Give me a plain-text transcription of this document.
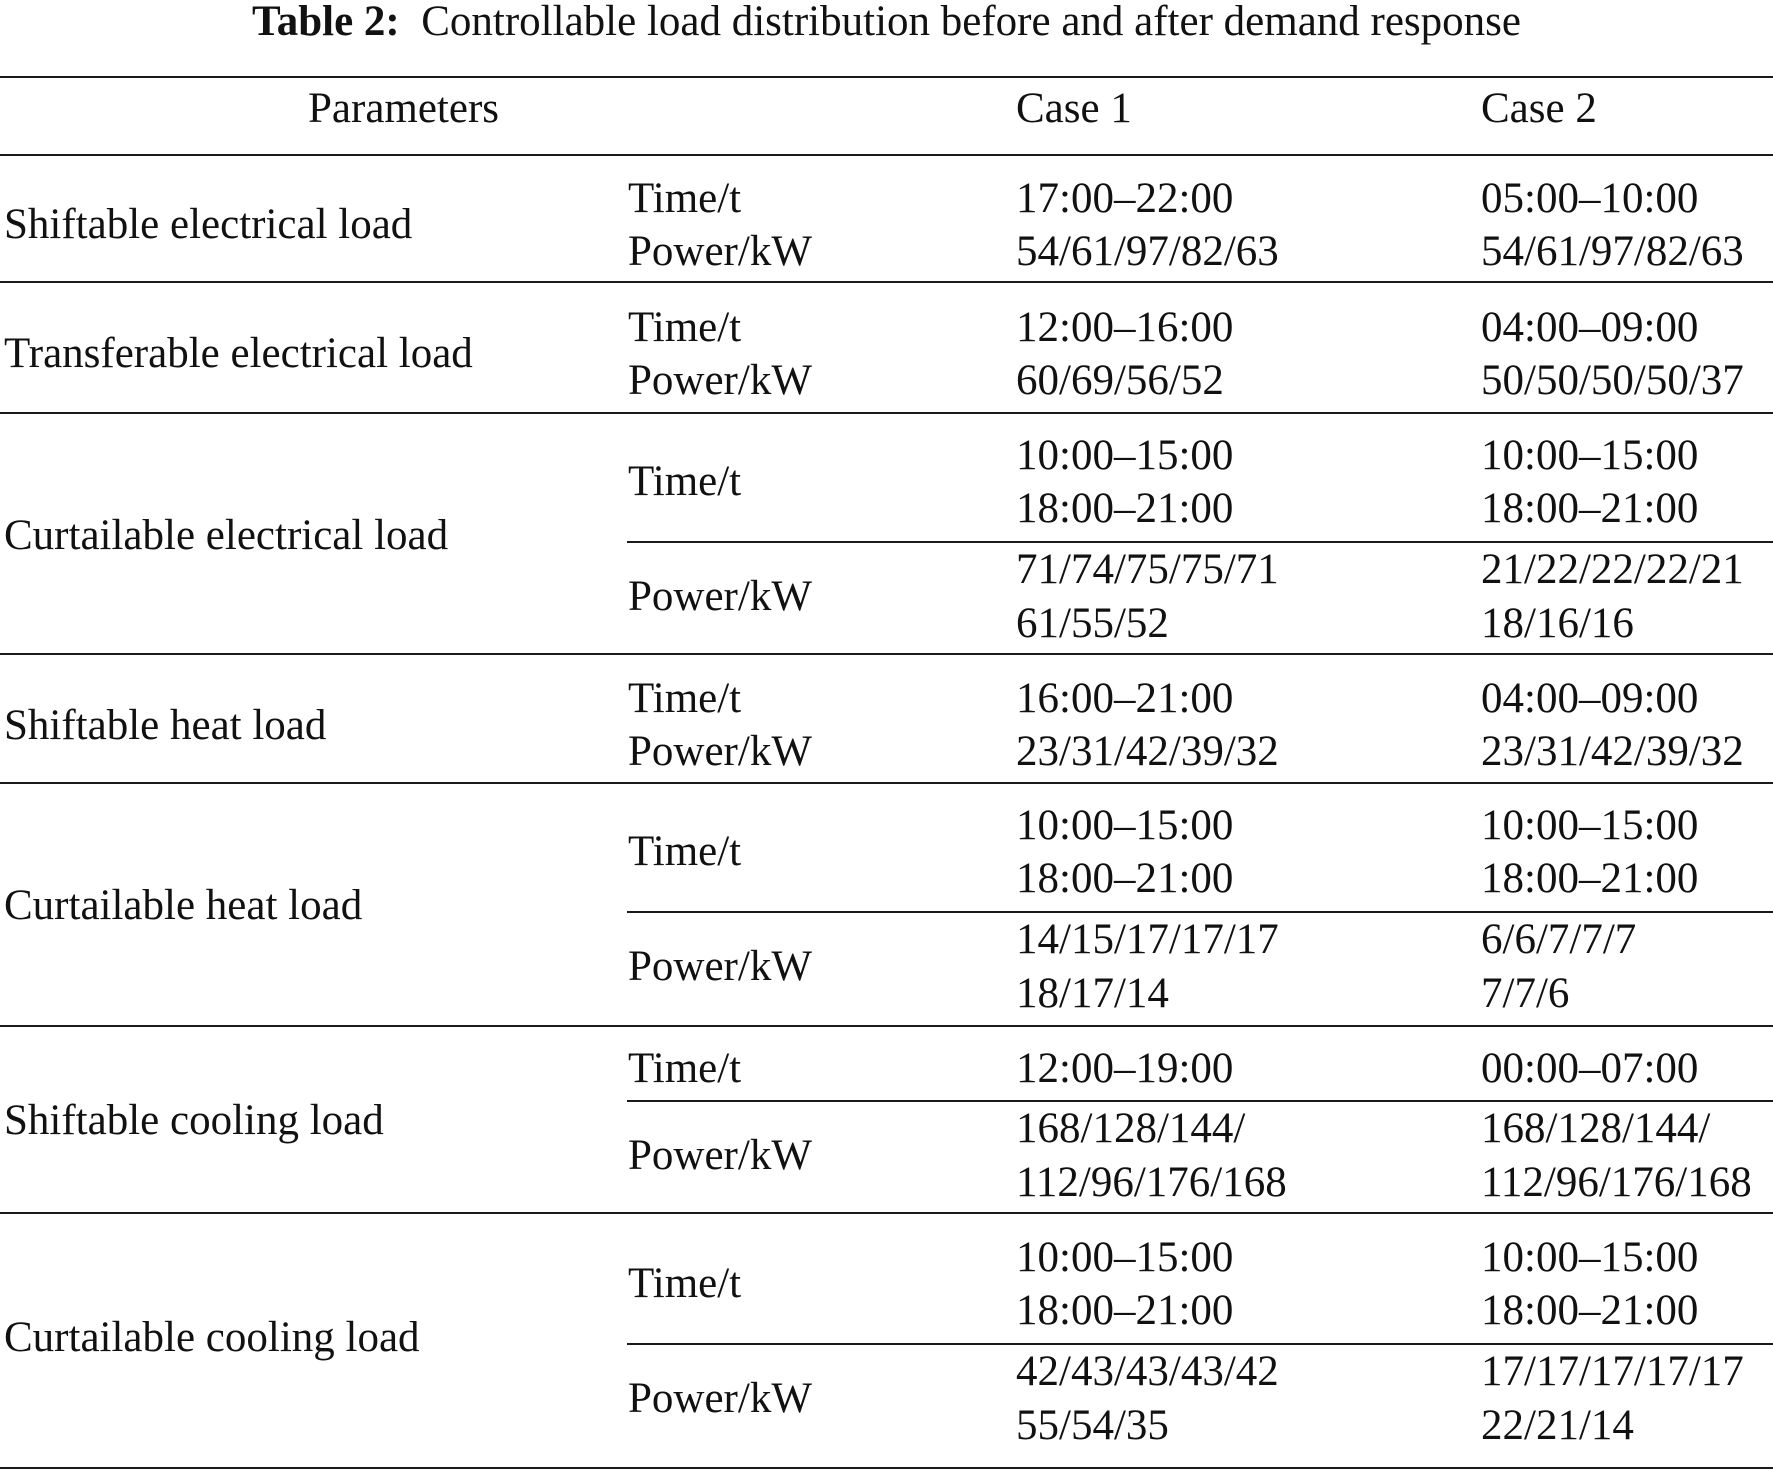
Table 2: Controllable load distribution before and after demand response
Parameters	Case 1	Case 2
Shiftable electrical load
Time/t
Power/kW
17:00–22:00
54/61/97/82/63
05:00–10:00
54/61/97/82/63
Transferable electrical load
Time/t
Power/kW
12:00–16:00
60/69/56/52
04:00–09:00
50/50/50/50/37
Curtailable electrical load
Time/t
Power/kW
10:00–15:00
18:00–21:00
71/74/75/75/71
61/55/52
10:00–15:00
18:00–21:00
21/22/22/22/21
18/16/16
Shiftable heat load
Time/t
Power/kW
16:00–21:00
23/31/42/39/32
04:00–09:00
23/31/42/39/32
Curtailable heat load
Time/t
Power/kW
10:00–15:00
18:00–21:00
14/15/17/17/17
18/17/14
10:00–15:00
18:00–21:00
6/6/7/7/7
7/7/6
Shiftable cooling load
Time/t
Power/kW
12:00–19:00
168/128/144/
112/96/176/168
00:00–07:00
168/128/144/
112/96/176/168
Curtailable cooling load
Time/t
Power/kW
10:00–15:00
18:00–21:00
42/43/43/43/42
55/54/35
10:00–15:00
18:00–21:00
17/17/17/17/17
22/21/14
